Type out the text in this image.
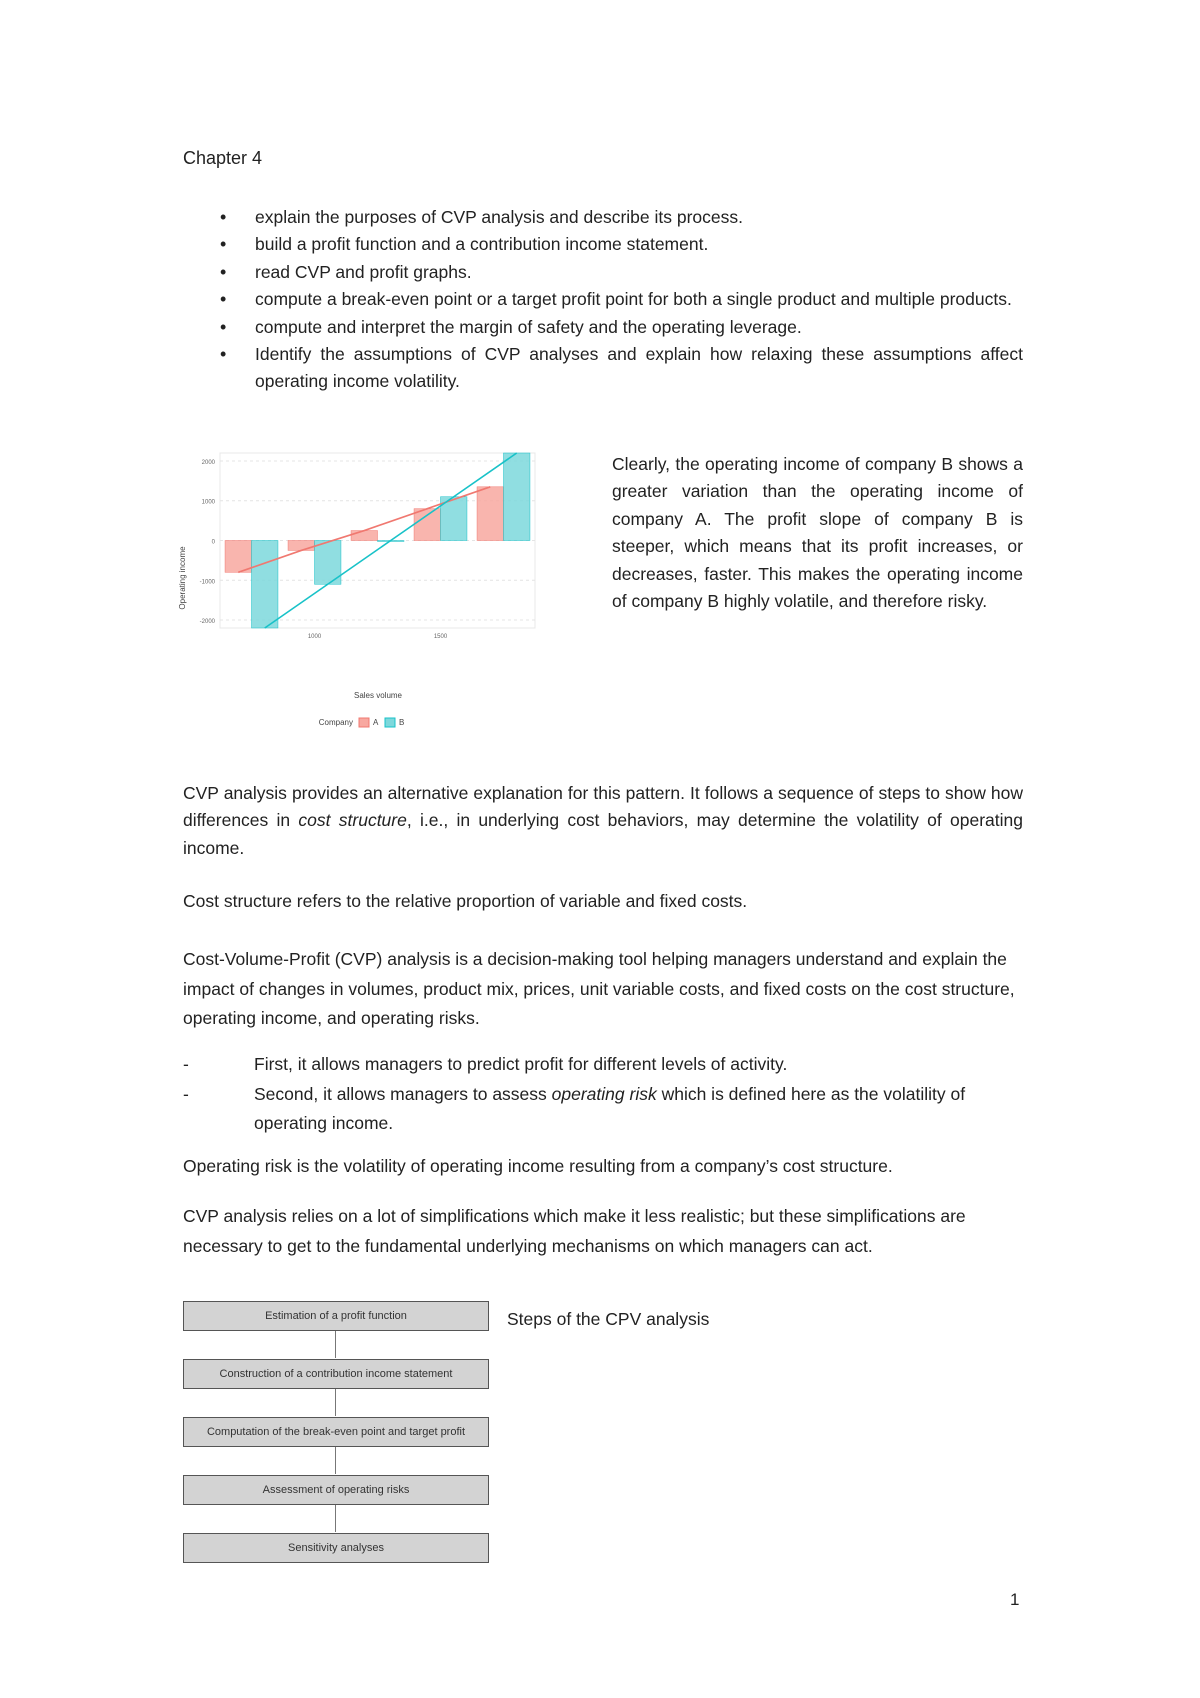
Chapter 4
• explain the purposes of CVP analysis and describe its process.
• build a profit function and a contribution income statement.
• read CVP and profit graphs.
• compute a break-even point or a target profit point for both a single product and multiple products.
• compute and interpret the margin of safety and the operating leverage.
• Identify the assumptions of CVP analyses and explain how relaxing these assumptions affect operating income volatility.
2000
1000
0
-1000
-2000
1000	1500
Operating income
Sales volume
Company	A	B
Clearly, the operating income of company B shows a greater variation than the operating income of company A. The profit slope of company B is steeper, which means that its profit increases, or decreases, faster. This makes the operating income of company B highly volatile, and therefore risky.
CVP analysis provides an alternative explanation for this pattern. It follows a sequence of steps to show how differences in cost structure, i.e., in underlying cost behaviors, may determine the volatility of operating income.
Cost structure refers to the relative proportion of variable and fixed costs.
Cost-Volume-Profit (CVP) analysis is a decision-making tool helping managers understand and explain the impact of changes in volumes, product mix, prices, unit variable costs, and fixed costs on the cost structure, operating income, and operating risks.
-	First, it allows managers to predict profit for different levels of activity.
-	Second, it allows managers to assess operating risk which is defined here as the volatility of operating income.
Operating risk is the volatility of operating income resulting from a company’s cost structure.
CVP analysis relies on a lot of simplifications which make it less realistic; but these simplifications are necessary to get to the fundamental underlying mechanisms on which managers can act.
Estimation of a profit function
Construction of a contribution income statement
Computation of the break-even point and target profit
Assessment of operating risks
Sensitivity analyses
Steps of the CPV analysis
1
